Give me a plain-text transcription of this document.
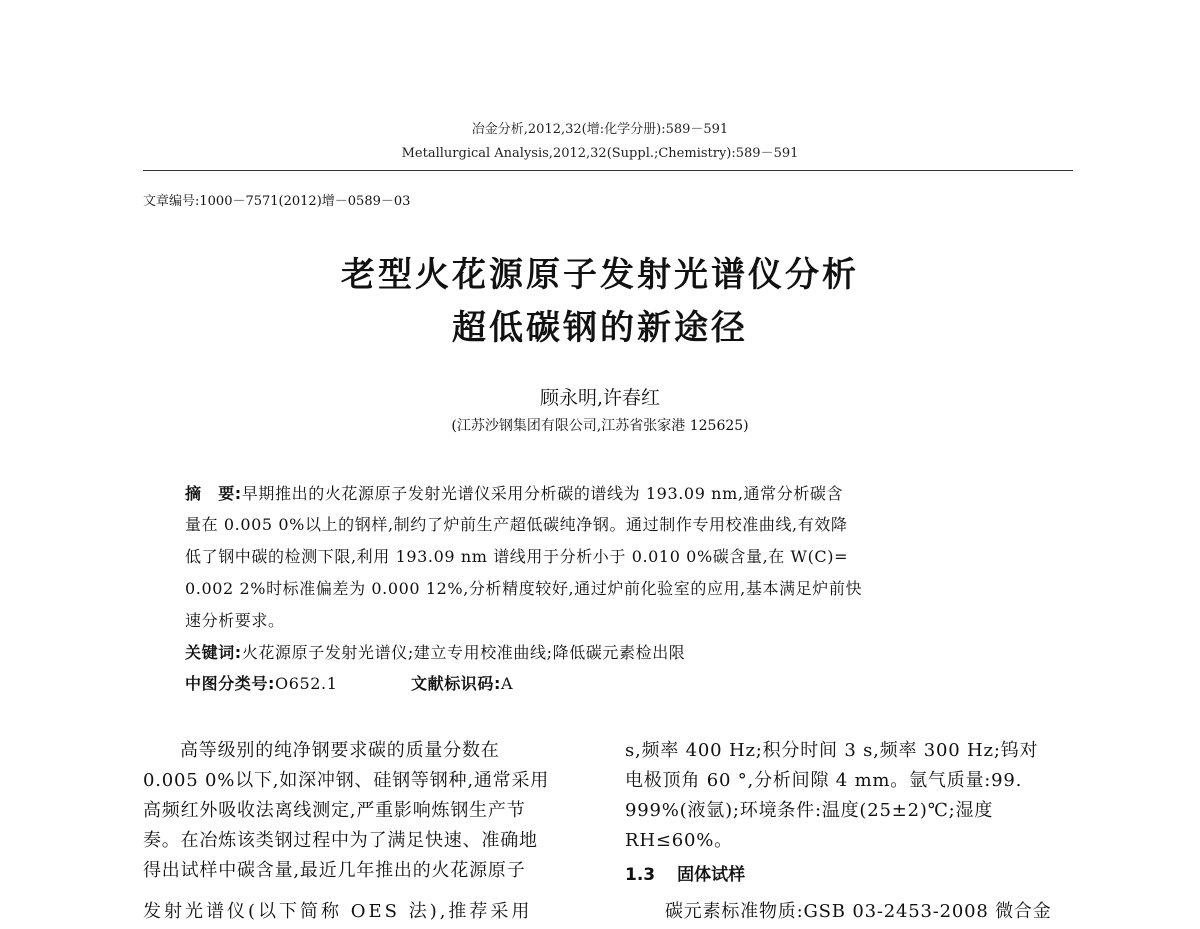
冶金分析,2012,32(增:化学分册):589－591
Metallurgical Analysis,2012,32(Suppl.;Chemistry):589－591
文章编号:1000－7571(2012)增－0589－03
老型火花源原子发射光谱仪分析
超低碳钢的新途径
顾永明,许春红
(江苏沙钢集团有限公司,江苏省张家港 125625)
摘　要:早期推出的火花源原子发射光谱仪采用分析碳的谱线为 193.09 nm,通常分析碳含
量在 0.005 0%以上的钢样,制约了炉前生产超低碳纯净钢。通过制作专用校准曲线,有效降
低了钢中碳的检测下限,利用 193.09 nm 谱线用于分析小于 0.010 0%碳含量,在 W(C)=
0.002 2%时标准偏差为 0.000 12%,分析精度较好,通过炉前化验室的应用,基本满足炉前快
速分析要求。
关键词:火花源原子发射光谱仪;建立专用校准曲线;降低碳元素检出限
中图分类号:O652.1	文献标识码:A
高等级别的纯净钢要求碳的质量分数在
0.005 0%以下,如深冲钢、硅钢等钢种,通常采用
高频红外吸收法离线测定,严重影响炼钢生产节
奏。在冶炼该类钢过程中为了满足快速、准确地
得出试样中碳含量,最近几年推出的火花源原子
发射光谱仪(以下简称 OES 法),推荐采用
s,频率 400 Hz;积分时间 3 s,频率 300 Hz;钨对
电极顶角 60 °,分析间隙 4 mm。氩气质量:99.
999%(液氩);环境条件:温度(25±2)℃;湿度
RH≤60%。
1.3 固体试样
碳元素标准物质:GSB 03-2453-2008 微合金
